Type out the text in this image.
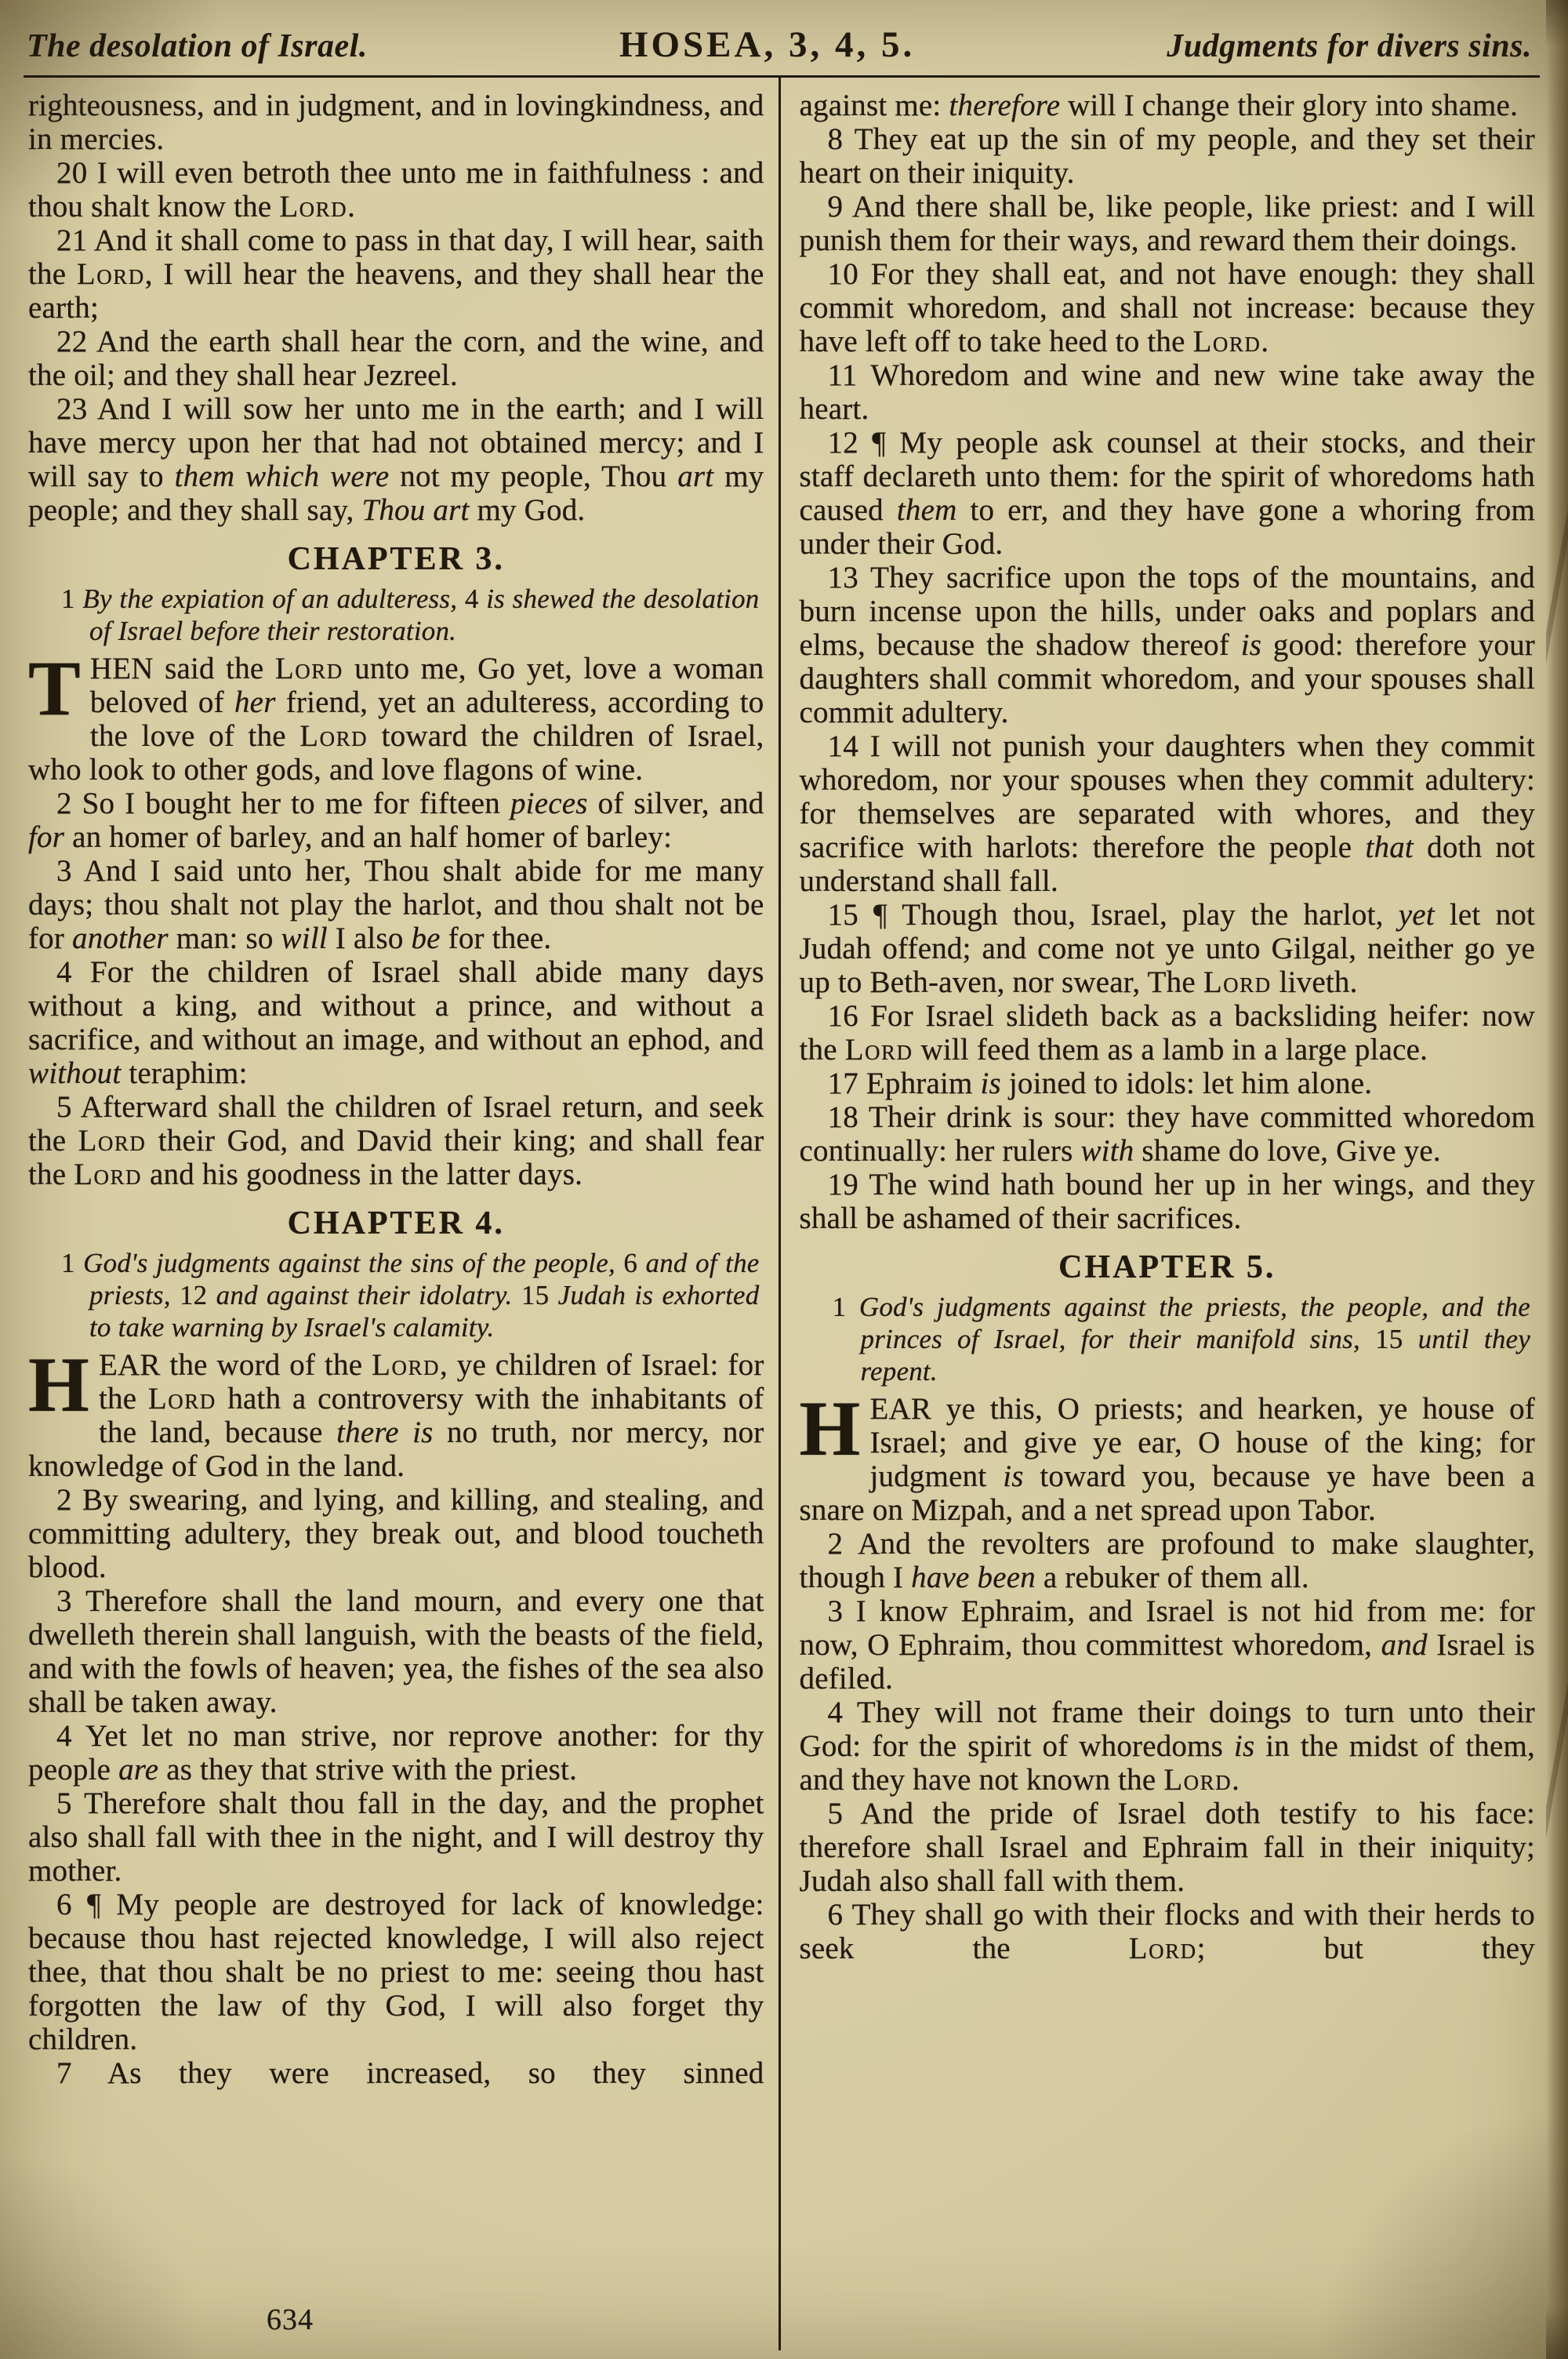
The desolation of Israel.	HOSEA, 3, 4, 5.	Judgments for divers sins.

righteousness, and in judgment, and in lovingkindness, and in mercies.

20 I will even betroth thee unto me in faithfulness : and thou shalt know the Lord.

21 And it shall come to pass in that day, I will hear, saith the Lord, I will hear the heavens, and they shall hear the earth;

22 And the earth shall hear the corn, and the wine, and the oil; and they shall hear Jezreel.

23 And I will sow her unto me in the earth; and I will have mercy upon her that had not obtained mercy; and I will say to them which were not my people, Thou art my people; and they shall say, Thou art my God.

CHAPTER 3.

1 By the expiation of an adulteress, 4 is shewed the desolation of Israel before their restoration.

THEN said the Lord unto me, Go yet, love a woman beloved of her friend, yet an adulteress, according to the love of the Lord toward the children of Israel, who look to other gods, and love flagons of wine.

2 So I bought her to me for fifteen pieces of silver, and for an homer of barley, and an half homer of barley:

3 And I said unto her, Thou shalt abide for me many days; thou shalt not play the harlot, and thou shalt not be for another man: so will I also be for thee.

4 For the children of Israel shall abide many days without a king, and without a prince, and without a sacrifice, and without an image, and without an ephod, and without teraphim:

5 Afterward shall the children of Israel return, and seek the Lord their God, and David their king; and shall fear the Lord and his goodness in the latter days.

CHAPTER 4.

1 God's judgments against the sins of the people, 6 and of the priests, 12 and against their idolatry. 15 Judah is exhorted to take warning by Israel's calamity.

HEAR the word of the Lord, ye children of Israel: for the Lord hath a controversy with the inhabitants of the land, because there is no truth, nor mercy, nor knowledge of God in the land.

2 By swearing, and lying, and killing, and stealing, and committing adultery, they break out, and blood toucheth blood.

3 Therefore shall the land mourn, and every one that dwelleth therein shall languish, with the beasts of the field, and with the fowls of heaven; yea, the fishes of the sea also shall be taken away.

4 Yet let no man strive, nor reprove another: for thy people are as they that strive with the priest.

5 Therefore shalt thou fall in the day, and the prophet also shall fall with thee in the night, and I will destroy thy mother.

6 ¶ My people are destroyed for lack of knowledge: because thou hast rejected knowledge, I will also reject thee, that thou shalt be no priest to me: seeing thou hast forgotten the law of thy God, I will also forget thy children.

7 As they were increased, so they sinned

against me: therefore will I change their glory into shame.

8 They eat up the sin of my people, and they set their heart on their iniquity.

9 And there shall be, like people, like priest: and I will punish them for their ways, and reward them their doings.

10 For they shall eat, and not have enough: they shall commit whoredom, and shall not increase: because they have left off to take heed to the Lord.

11 Whoredom and wine and new wine take away the heart.

12 ¶ My people ask counsel at their stocks, and their staff declareth unto them: for the spirit of whoredoms hath caused them to err, and they have gone a whoring from under their God.

13 They sacrifice upon the tops of the mountains, and burn incense upon the hills, under oaks and poplars and elms, because the shadow thereof is good: therefore your daughters shall commit whoredom, and your spouses shall commit adultery.

14 I will not punish your daughters when they commit whoredom, nor your spouses when they commit adultery: for themselves are separated with whores, and they sacrifice with harlots: therefore the people that doth not understand shall fall.

15 ¶ Though thou, Israel, play the harlot, yet let not Judah offend; and come not ye unto Gilgal, neither go ye up to Beth-aven, nor swear, The Lord liveth.

16 For Israel slideth back as a backsliding heifer: now the Lord will feed them as a lamb in a large place.

17 Ephraim is joined to idols: let him alone.

18 Their drink is sour: they have committed whoredom continually: her rulers with shame do love, Give ye.

19 The wind hath bound her up in her wings, and they shall be ashamed of their sacrifices.

CHAPTER 5.

1 God's judgments against the priests, the people, and the princes of Israel, for their manifold sins, 15 until they repent.

HEAR ye this, O priests; and hearken, ye house of Israel; and give ye ear, O house of the king; for judgment is toward you, because ye have been a snare on Mizpah, and a net spread upon Tabor.

2 And the revolters are profound to make slaughter, though I have been a rebuker of them all.

3 I know Ephraim, and Israel is not hid from me: for now, O Ephraim, thou committest whoredom, and Israel is defiled.

4 They will not frame their doings to turn unto their God: for the spirit of whoredoms is in the midst of them, and they have not known the Lord.

5 And the pride of Israel doth testify to his face: therefore shall Israel and Ephraim fall in their iniquity; Judah also shall fall with them.

6 They shall go with their flocks and with their herds to seek the Lord; but they

634
